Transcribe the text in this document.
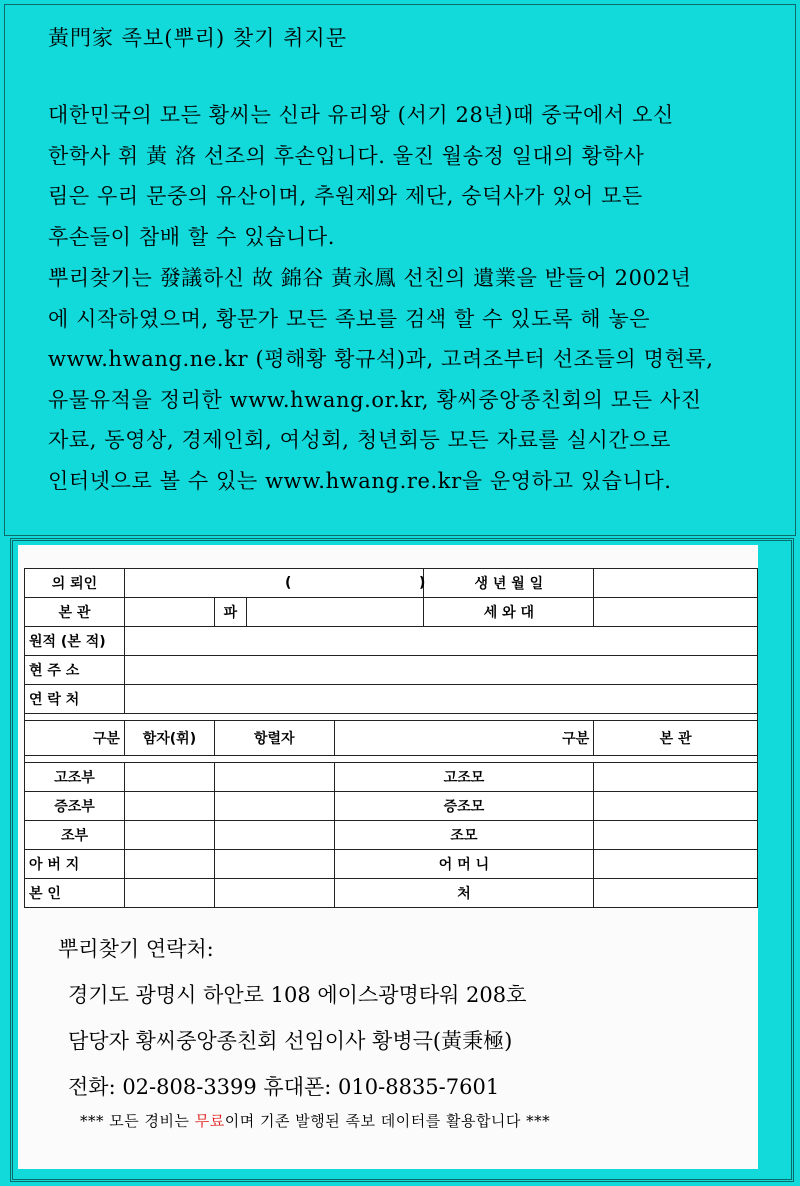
黃門家 족보(뿌리) 찾기 취지문
대한민국의 모든 황씨는 신라 유리왕 (서기 28년)때 중국에서 오신
한학사 휘 黃 洛 선조의 후손입니다. 울진 월송정 일대의 황학사
림은 우리 문중의 유산이며, 추원제와 제단, 숭덕사가 있어 모든
후손들이 참배 할 수 있습니다.
뿌리찾기는 發議하신 故 錦谷 黃永鳳 선친의 遺業을 받들어 2002년
에 시작하였으며, 황문가 모든 족보를 검색 할 수 있도록 해 놓은
www.hwang.ne.kr (평해황 황규석)과, 고려조부터 선조들의 명현록,
유물유적을 정리한 www.hwang.or.kr, 황씨중앙종친회의 모든 사진
자료, 동영상, 경제인회, 여성회, 청년회등 모든 자료를 실시간으로
인터넷으로 볼 수 있는 www.hwang.re.kr을 운영하고 있습니다.
의 뢰인	( )				생 년 월 일	
본 관		파			세 와 대	
원적 (본 적)						
현 주 소						
연 락 처						

구분	함자(휘)	항렬자		구분		본 관

고조부				고조모		
증조부				증조모		
조부				조모		
아 버 지				어 머 니		
본 인				처		
뿌리찾기 연락처:
경기도 광명시 하안로 108 에이스광명타워 208호
담당자 황씨중앙종친회 선임이사 황병극(黃秉極)
전화: 02-808-3399 휴대폰: 010-8835-7601
*** 모든 경비는 무료이며 기존 발행된 족보 데이터를 활용합니다 ***
